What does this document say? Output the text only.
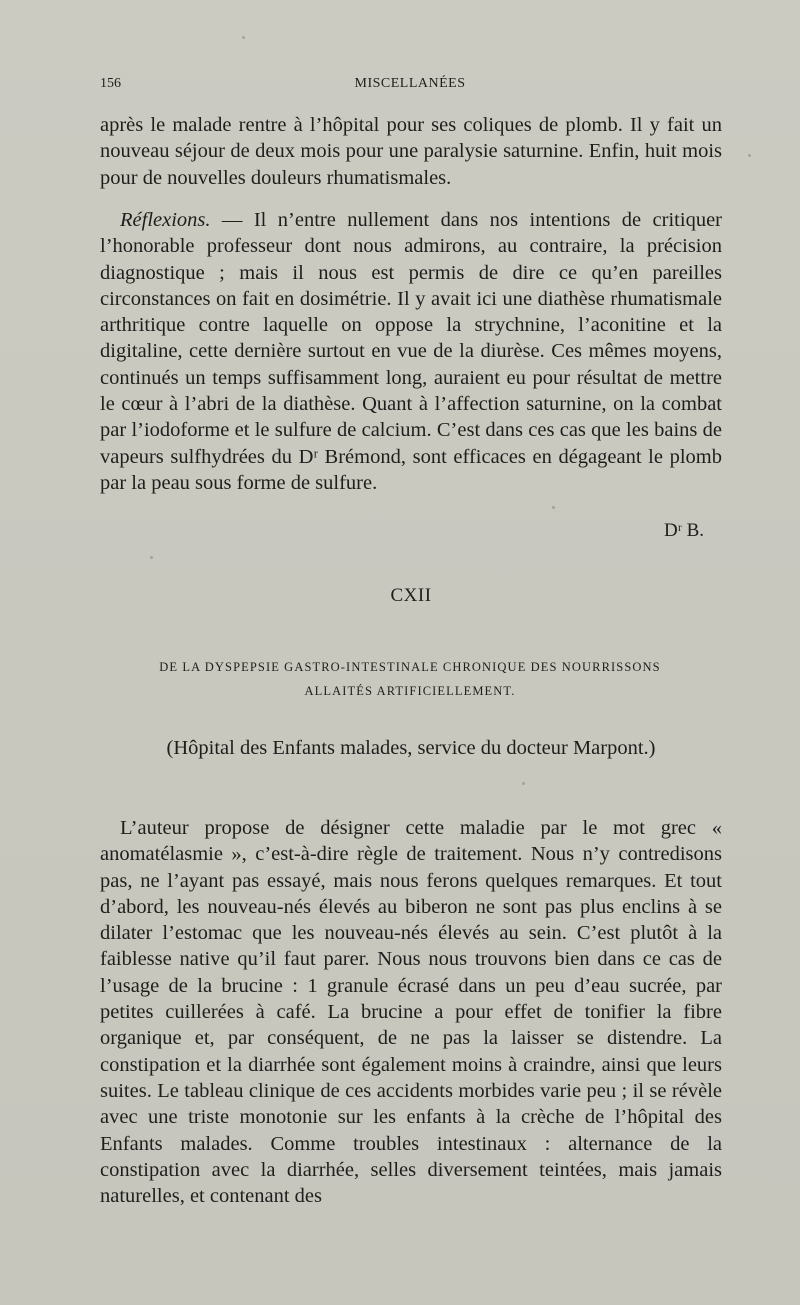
156	MISCELLANÉES

après le malade rentre à l’hôpital pour ses coliques de plomb. Il y fait un nouveau séjour de deux mois pour une paralysie saturnine. Enfin, huit mois pour de nouvelles douleurs rhumatismales.

Réflexions. — Il n’entre nullement dans nos intentions de critiquer l’honorable professeur dont nous admirons, au contraire, la précision diagnostique ; mais il nous est permis de dire ce qu’en pareilles circonstances on fait en dosimétrie. Il y avait ici une diathèse rhumatismale arthritique contre laquelle on oppose la strychnine, l’aconitine et la digitaline, cette dernière surtout en vue de la diurèse. Ces mêmes moyens, continués un temps suffisamment long, auraient eu pour résultat de mettre le cœur à l’abri de la diathèse. Quant à l’affection saturnine, on la combat par l’iodoforme et le sulfure de calcium. C’est dans ces cas que les bains de vapeurs sulfhydrées du Dʳ Brémond, sont efficaces en dégageant le plomb par la peau sous forme de sulfure.

Dʳ B.
CXII
DE LA DYSPEPSIE GASTRO-INTESTINALE CHRONIQUE DES NOURRISSONS
ALLAITÉS ARTIFICIELLEMENT.
(Hôpital des Enfants malades, service du docteur Marpont.)

L’auteur propose de désigner cette maladie par le mot grec « anomatélasmie », c’est-à-dire règle de traitement. Nous n’y contredisons pas, ne l’ayant pas essayé, mais nous ferons quelques remarques. Et tout d’abord, les nouveau-nés élevés au biberon ne sont pas plus enclins à se dilater l’estomac que les nouveau-nés élevés au sein. C’est plutôt à la faiblesse native qu’il faut parer. Nous nous trouvons bien dans ce cas de l’usage de la brucine : 1 granule écrasé dans un peu d’eau sucrée, par petites cuillerées à café. La brucine a pour effet de tonifier la fibre organique et, par conséquent, de ne pas la laisser se distendre. La constipation et la diarrhée sont également moins à craindre, ainsi que leurs suites. Le tableau clinique de ces accidents morbides varie peu ; il se révèle avec une triste monotonie sur les enfants à la crèche de l’hôpital des Enfants malades. Comme troubles intestinaux : alternance de la constipation avec la diarrhée, selles diversement teintées, mais jamais naturelles, et contenant des
